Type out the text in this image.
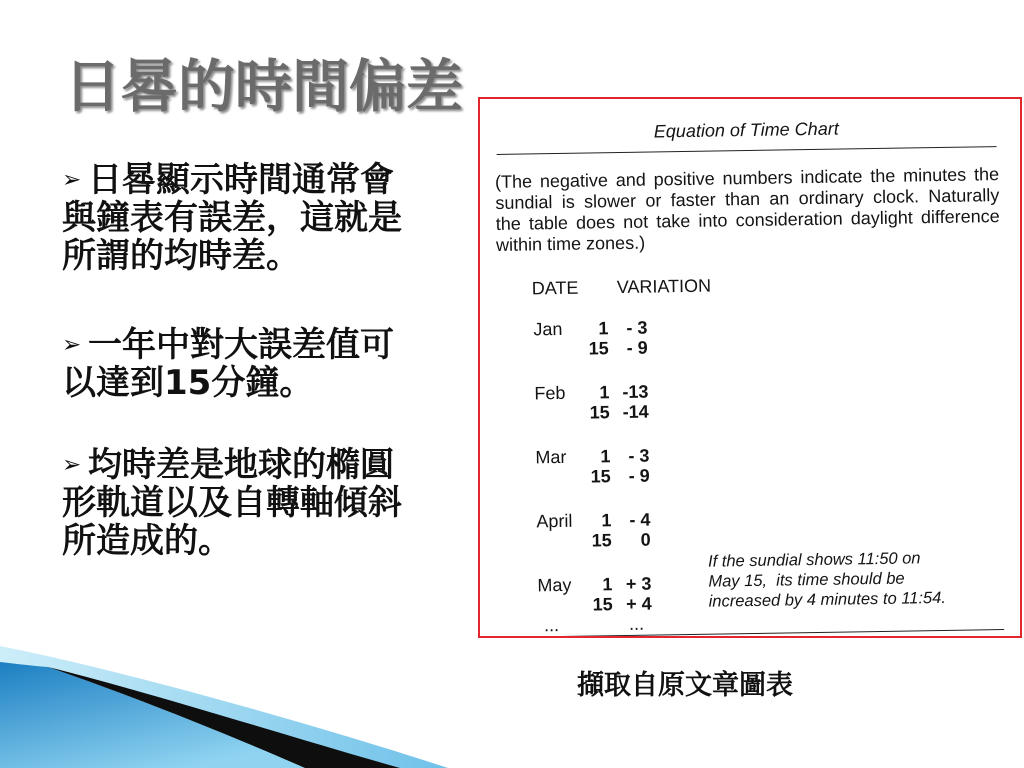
日晷的時間偏差
➢ 日晷顯示時間通常會
與鐘表有誤差，這就是
所謂的均時差。
➢ 一年中對大誤差值可
以達到15分鐘。
➢ 均時差是地球的橢圓
形軌道以及自轉軸傾斜
所造成的。
Equation of Time Chart
(The negative and positive numbers indicate the minutes the
sundial is slower or faster than an ordinary clock. Naturally
the table does not take into consideration daylight difference
within time zones.)
DATE VARIATION
Jan	1 - 3
15 - 9
Feb	1 -13
15 -14
Mar	1 - 3
15 - 9
April	1 - 4
15	0
May	1 + 3
15 + 4
...	...
If the sundial shows 11:50 on
May 15,  its time should be
increased by 4 minutes to 11:54.
擷取自原文章圖表
